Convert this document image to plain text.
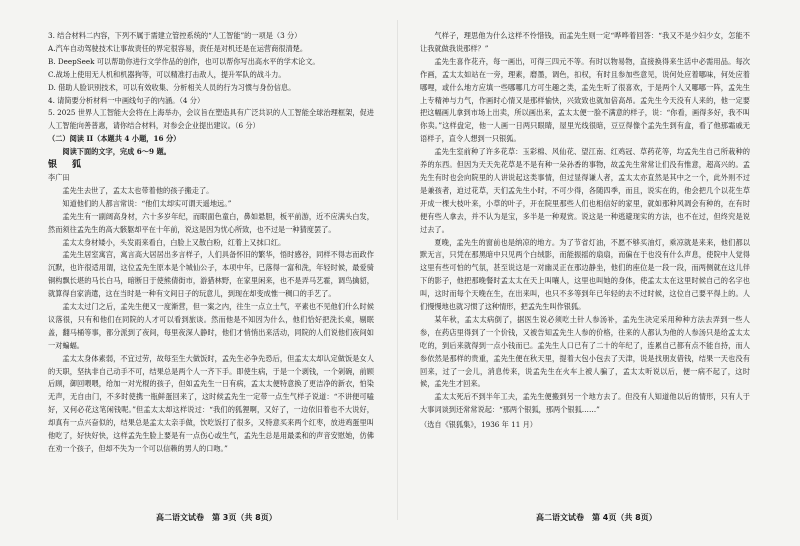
3. 结合材料二内容，下列不属于需建立管控系统的“人工智能”的一项是（3 分）

A.汽车自动驾驶技术让事故责任的界定很容易，责任是对机还是在运营商很清楚。

B. DeepSeek 可以帮助你进行文学作品的创作，也可以帮你写出高水平的学术论文。

C.战场上使用无人机和机器狗等，可以精准打击敌人，提升军队的战斗力。

D. 借助人脸识别技术，可以有效收集、分析相关人员的行为习惯与身份信息。

4. 请简要分析材料一中画线句子的内涵。（4 分）

5. 2025 世界人工智能大会将在上海举办，会议旨在塑造具有广泛共识的人工智能全球治理框架，促进人工智能向善普惠，请你结合材料，对参会企业提出建议。（6 分）

（二）阅读 II（本题共 4 小题，16 分）

阅读下面的文字，完成 6～9 题。

银　狐

李广田

孟先生去世了，孟太太也带着他的孩子搬走了。

知道他们的人都言常说：“他们太却实可谓天遥地远。”

孟先生有一副阔高身材，六十多岁年纪，而眼面色童白，鼻如悬胆，板平前游，近不应满头白发，然而须往孟先生的高大骸躯却平在十年前，说这是因为忧心所致，也不过是一种猜度罢了。

孟太太身材矮小，头发雨来看白，白脸上又散白粉，红着上又抹口红。

孟先生居室寓宫，寓言高大居居出多言样子，人们具备怀旧的繁华，悟时感谷，同样不得志而政作沉默，也许很适用谓，这位孟先生原本是个城仙公子，本项中年，已落得一富和洗，年轻时候，最爱骑铜构飘长堪的马长白马，暗断日于使熊倩街市，游猎林野，在家里闲来，也不是弄马艺霍，调鸟擒貂，就算得自家消遣，这在当时是一种有文间日子的玩意儿，到现在却变成惟一稠口的手艺了。

孟太太过门之后，孟先生便又一度渐营，但一案之内，往生一点立土气，平素也不见他们什么时候议落很，只有和他们在同院的人才可以看到旅谈。然而他是不知因为什么，他们恰好把洗长桌，剔眠盖，翻马桶等事，都分派到了夜间，每里夜深人静时，他们才悄悄出来活动，同院的人们说他们夜间如一对蝙蝠。

孟太太身体素弱，不宜过劳，故每至生大做饭时，孟先生必争先恐后，但孟太太却认定做饭是女人的天职，坚执非自己动手不可，结果总是两个人一齐下手。即使生病，于是一个剥钱，一个剁碗，前顾后顾，御回喂喂，给加一对光棍的孩子，但如孟先生一日有病，孟太太便特意换了更洁净的新衣，怕染无声，无自由门，不多时使携一瓶鲜蛋回来了，这时候孟先生一定带一点生气样子说道：“不讲便可嗑好，又何必花这笔闲钱呢。”但孟太太却这样说过：“我们的狐狸啊，又好了，一边依旧着也不大说好，却真有一点兴奋似的，结果总是孟太太亲手做，饮吃饭打了很多，又特意买来两个红枣，放进鸡蛋里叫他吃了，好快好快，这样孟先生脸上要是有一点伤心或生气，孟先生总是用最柔和的声音安慰她，仿佛在劝一个孩子，但却不失为一个可以信赖的男人的口吻。”

气样子，理思他为什么这样不怜惜钱，而孟先生则一定“哗哗着回答：“我又不是少妇少女，怎能不让我就做我说那样？”

孟先生喜作花卉，每一画出，可得三四元不等。有时以物易物，直接换得来生活中必需用品。每次作画，孟太太如站在一旁，理素，磨墨，调色，扣权，有时且参加些意见，说何处应着哪味，何处应着哪哩，或什么地方应填一些哪哪几方可生趣之类，孟先生听了很喜欢，于是两个人又哪哪一阵，孟先生上专精神与力气，作画时心情又是那样愉快，兴致致也就加倍高昂。孟先生今天没有人来的，他一定要把这幅画儿拿到市场上出卖，所以画出来，孟太太便一脸不满意的样子，说：“你看，画得多好，我不叫你卖。”这样盘定，他一人画一日两只眼睛，屋里光线很暗，豆豆得像个孟先生到有盒，看了他那霜戚无语样子，直令人想到一只银狐。

孟先生室前种了许多花草：玉彩棉、风仙花、望江南、红鸡冠、草药花等，均孟先生自己所栽种的养的东西。但因为天天先花草是不是有种一朵孙香的事物，故孟先生常常让们没有惟意，超高兴的。孟先生有时也会向院里的人讲说起这类事情，但过显得谦人者，孟太太亦直然是其中之一个，此外则不过是兼孩者，迫过花草，天们孟先生小时，不可少得，各随四季，而且，说实在的，他会把几个以花生草开成一棵大枝叶来，小草的叶子，开在院里那些人们也相信好的家里，就如那种风凋会有种的，在有时便有些人拿去，并不认为是宝，多半是一种观赏。说这是一种逃避现实的方法，也不在过，但终究是说过去了。

夏晚，孟先生的窗前也是纳凉的地方。为了节省灯油，不愿不够买油灯，乘凉就是来来，他们都以默无言，只凭在那黑暗中只见两个白绒影，而能振摇的扇扇，而偏在于也没有什么声息，使院中人觉得这里有些可怕的气氛，甚至说这是一对幽灵正在那边静坐，他们的座位是一段一段，而两侧就在这儿伴下的影子，他把那晚餐时孟太太在天上叫嚷人，这里也叫她的身体，使孟太太在这里时候自己的名字也叫，这时而每个天晚在生，在出来叫，也只不多等到年已年轻的去不过时候，这位自己要平得上的。人们慢慢地也就习惯了这种情形，把孟先生叫作银狐。

某年秋，孟太太病倒了，据医生说必须吃土针人参汤补，孟先生决定采用种种方法去弄到一些人参，在药店里得到了一个价钱，又被告知孟先生人参的价格，往来的人都认为他的人参汤只是给孟太太吃的，到后来就得到一点小钱而已。孟先生人口已有了二十的年纪了，连累自己都有点不能自持，而人参依然是那样的贵重，孟先生便在秋天里，提着大包小包去了天津，说是找朋友借钱，结果一天也没有回来，过了一会儿，消息传来，说孟先生在火车上被人骗了，孟太太听说以后，便一病不起了，这时候，孟先生才回来。

孟太太死后不到半年工夫，孟先生便搬到另一个地方去了。但没有人知道他以后的情形，只有人于大事词谈到还常常说起：“那两个银狐，那两个银狐……”

（选自《银狐集》，1936 年 11 月）

高二语文试卷　第 3页（共 8页）	高二语文试卷　第 4页（共 8页）
